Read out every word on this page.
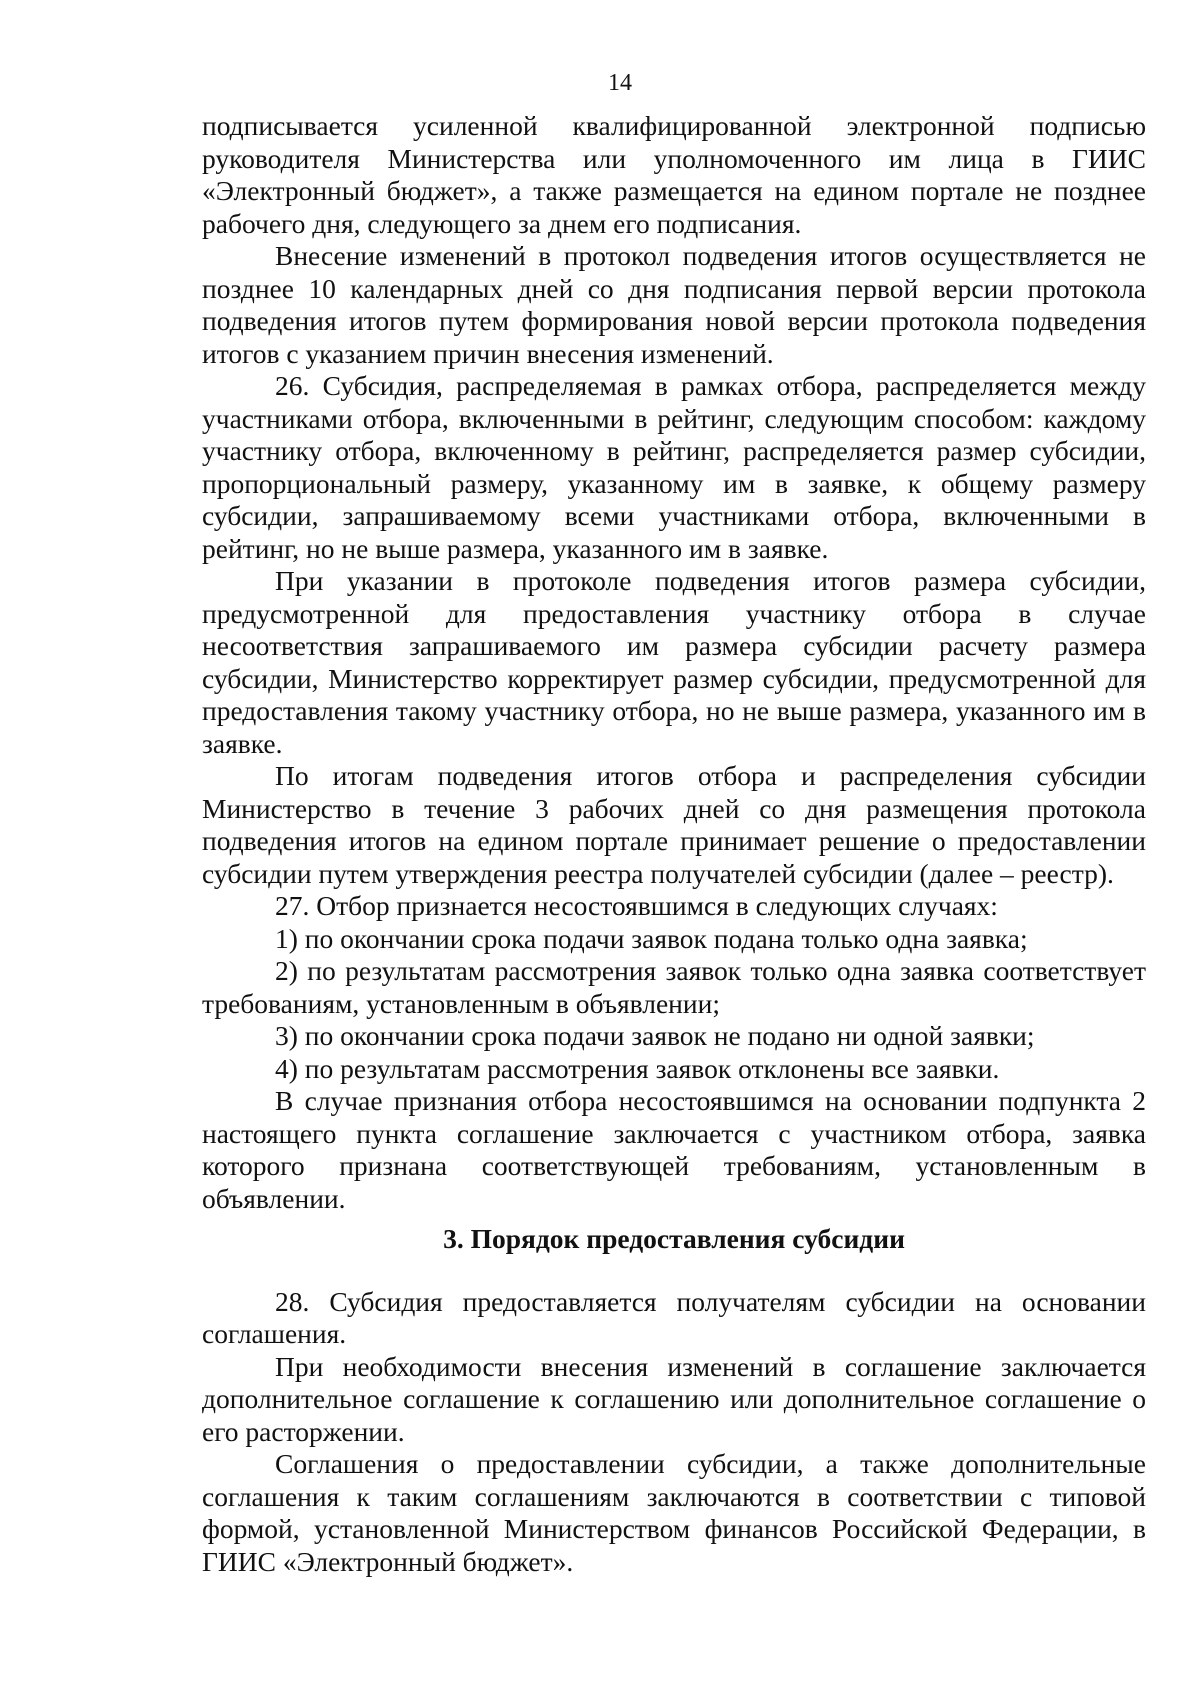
14

подписывается усиленной квалифицированной электронной подписью руководителя Министерства или уполномоченного им лица в ГИИС «Электронный бюджет», а также размещается на едином портале не позднее рабочего дня, следующего за днем его подписания.

Внесение изменений в протокол подведения итогов осуществляется не позднее 10 календарных дней со дня подписания первой версии протокола подведения итогов путем формирования новой версии протокола подведения итогов с указанием причин внесения изменений.

26. Субсидия, распределяемая в рамках отбора, распределяется между участниками отбора, включенными в рейтинг, следующим способом: каждому участнику отбора, включенному в рейтинг, распределяется размер субсидии, пропорциональный размеру, указанному им в заявке, к общему размеру субсидии, запрашиваемому всеми участниками отбора, включенными в рейтинг, но не выше размера, указанного им в заявке.

При указании в протоколе подведения итогов размера субсидии, предусмотренной для предоставления участнику отбора в случае несоответствия запрашиваемого им размера субсидии расчету размера субсидии, Министерство корректирует размер субсидии, предусмотренной для предоставления такому участнику отбора, но не выше размера, указанного им в заявке.

По итогам подведения итогов отбора и распределения субсидии Министерство в течение 3 рабочих дней со дня размещения протокола подведения итогов на едином портале принимает решение о предоставлении субсидии путем утверждения реестра получателей субсидии (далее – реестр).

27. Отбор признается несостоявшимся в следующих случаях:

1) по окончании срока подачи заявок подана только одна заявка;

2) по результатам рассмотрения заявок только одна заявка соответствует требованиям, установленным в объявлении;

3) по окончании срока подачи заявок не подано ни одной заявки;

4) по результатам рассмотрения заявок отклонены все заявки.

В случае признания отбора несостоявшимся на основании подпункта 2 настоящего пункта соглашение заключается с участником отбора, заявка которого признана соответствующей требованиям, установленным в объявлении.

3. Порядок предоставления субсидии

28. Субсидия предоставляется получателям субсидии на основании соглашения.

При необходимости внесения изменений в соглашение заключается дополнительное соглашение к соглашению или дополнительное соглашение о его расторжении.

Соглашения о предоставлении субсидии, а также дополнительные соглашения к таким соглашениям заключаются в соответствии с типовой формой, установленной Министерством финансов Российской Федерации, в ГИИС «Электронный бюджет».
